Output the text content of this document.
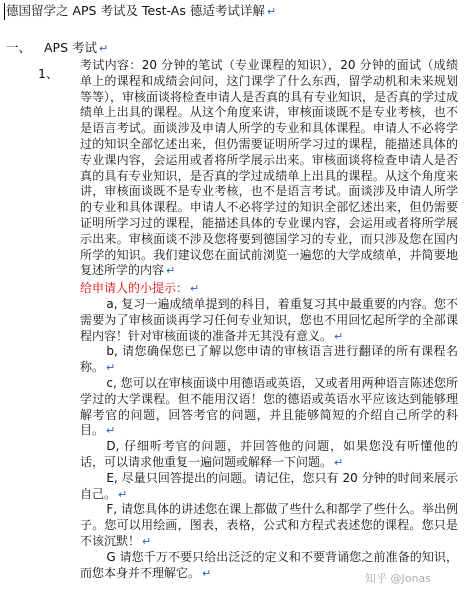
德国留学之 APS 考试及 Test-As 德适考试详解 ↵
一、 APS 考试 ↵
1、

考试内容：20 分钟的笔试（专业课程的知识），20 分钟的面试（成绩单上的课程和成绩会问问，这门课学了什么东西，留学动机和未来规划等等），审核面谈将检查申请人是否真的具有专业知识，是否真的学过成绩单上出具的课程。从这个角度来讲，审核面谈既不是专业考核，也不是语言考试。面谈涉及申请人所学的专业和具体课程。申请人不必将学过的知识全部忆述出来，但仍需要证明所学习过的课程，能描述具体的专业课内容，会运用或者将所学展示出来。审核面谈将检查申请人是否真的具有专业知识，是否真的学过成绩单上出具的课程。从这个角度来讲，审核面谈既不是专业考核，也不是语言考试。面谈涉及申请人所学的专业和具体课程。申请人不必将学过的知识全部忆述出来，但仍需要证明所学习过的课程，能描述具体的专业课内容，会运用或者将所学展示出来。审核面谈不涉及您将要到德国学习的专业，而只涉及您在国内所学的知识。我们建议您在面试前浏览一遍您的大学成绩单，并简要地复述所学的内容 ↵

给申请人的小提示： ↵

a, 复习一遍成绩单提到的科目，着重复习其中最重要的内容。您不需要为了审核面谈再学习任何专业知识，您也不用回忆起所学的全部课程内容！针对审核面谈的准备并无其没有意义。 ↵

b, 请您确保您已了解以您申请的审核语言进行翻译的所有课程名称。 ↵

c, 您可以在审核面谈中用德语或英语，又或者用两种语言陈述您所学过的大学课程。但不能用汉语！您的德语或英语水平应该达到能够理解考官的问题，回答考官的问题，并且能够简短的介绍自己所学的科目。 ↵

D, 仔细听考官的问题，并回答他的问题，如果您没有听懂他的话，可以请求他重复一遍问题或解释一下问题。 ↵

E, 尽量只回答提出的问题。请记住，您只有 20 分钟的时间来展示自己。 ↵

F, 请您具体的讲述您在课上都做了些什么和都学了些什么。举出例子。您可以用绘画，图表，表格，公式和方程式表述您的课程。您只是不该沉默！ ↵

G 请您千万不要只给出泛泛的定义和不要背诵您之前准备的知识，而您本身并不理解它。 ↵	知乎 @Jonas
